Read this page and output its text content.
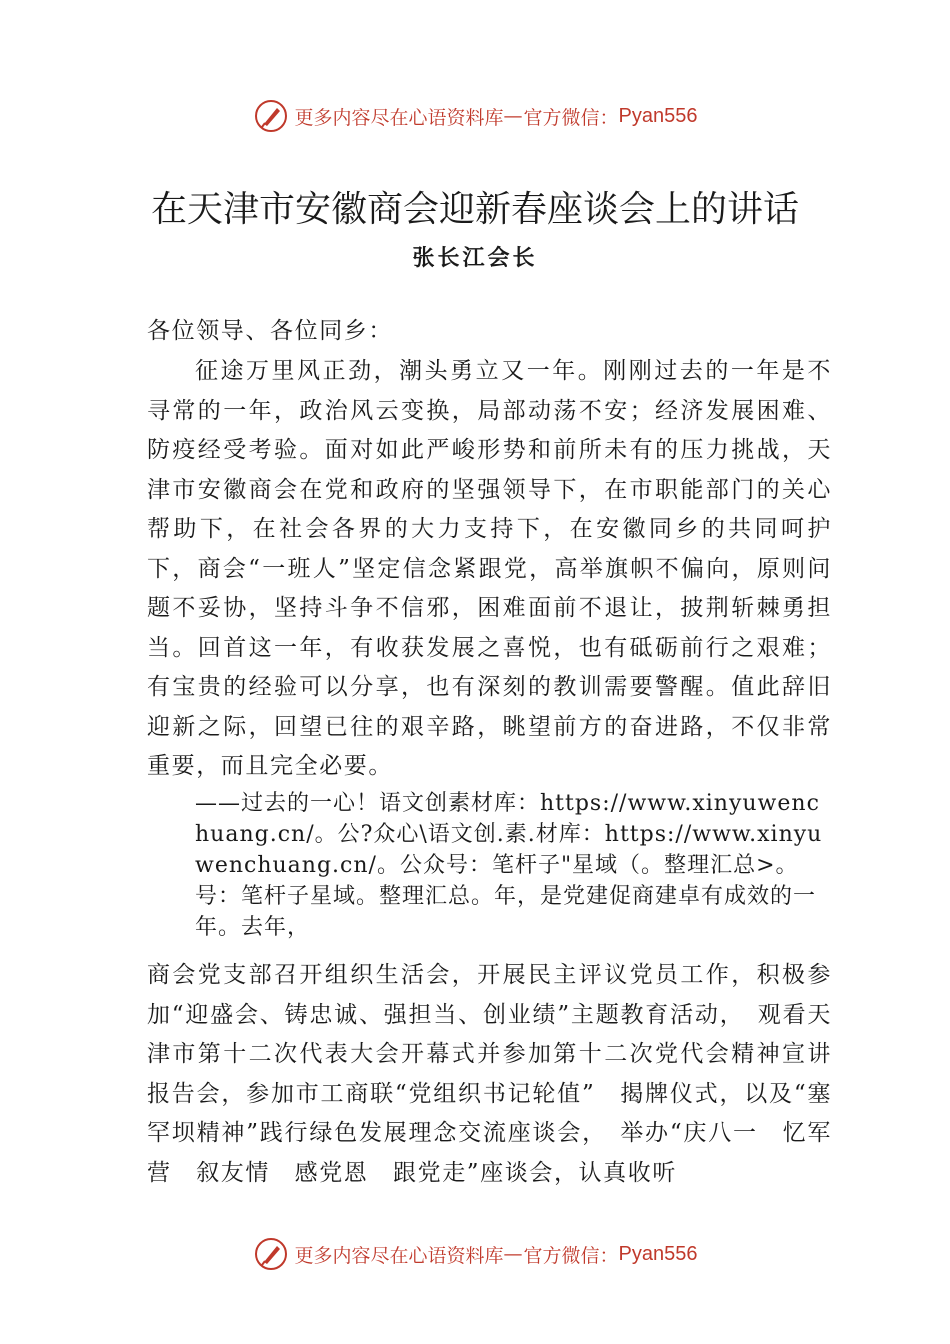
更多内容尽在心语资料库 — 官方微信： Pyan556
在天津市安徽商会迎新春座谈会上的讲话
张长江会长
各位领导、各位同乡：
征途万里风正劲，潮头勇立又一年。刚刚过去的一年是不寻常的一年，政治风云变换，局部动荡不安；经济发展困难、防疫经受考验。面对如此严峻形势和前所未有的压力挑战，天津市安徽商会在党和政府的坚强领导下，在市职能部门的关心帮助下，在社会各界的大力支持下，在安徽同乡的共同呵护下，商会“一班人”坚定信念紧跟党，高举旗帜不偏向，原则问题不妥协，坚持斗争不信邪，困难面前不退让，披荆斩棘勇担当。回首这一年，有收获发展之喜悦，也有砥砺前行之艰难；有宝贵的经验可以分享，也有深刻的教训需要警醒。值此辞旧迎新之际，回望已往的艰辛路，眺望前方的奋进路，不仅非常重要，而且完全必要。
——过去的一心！语文创素材库：https://www.xinyuwenchuang.cn/。公?众心\语文创.素.材库：https://www.xinyuwenchuang.cn/。公众号：笔杆子"星域（。整理汇总>。号：笔杆子星域。整理汇总。年，是党建促商建卓有成效的一年。去年，
商会党支部召开组织生活会，开展民主评议党员工作，积极参加“迎盛会、铸忠诚、强担当、创业绩”主题教育活动，　观看天津市第十二次代表大会开幕式并参加第十二次党代会精神宣讲报告会，参加市工商联“党组织书记轮值”　揭牌仪式，以及“塞罕坝精神”践行绿色发展理念交流座谈会，　举办“庆八一　忆军营　叙友情　感党恩　跟党走”座谈会，认真收听
更多内容尽在心语资料库 — 官方微信： Pyan556
